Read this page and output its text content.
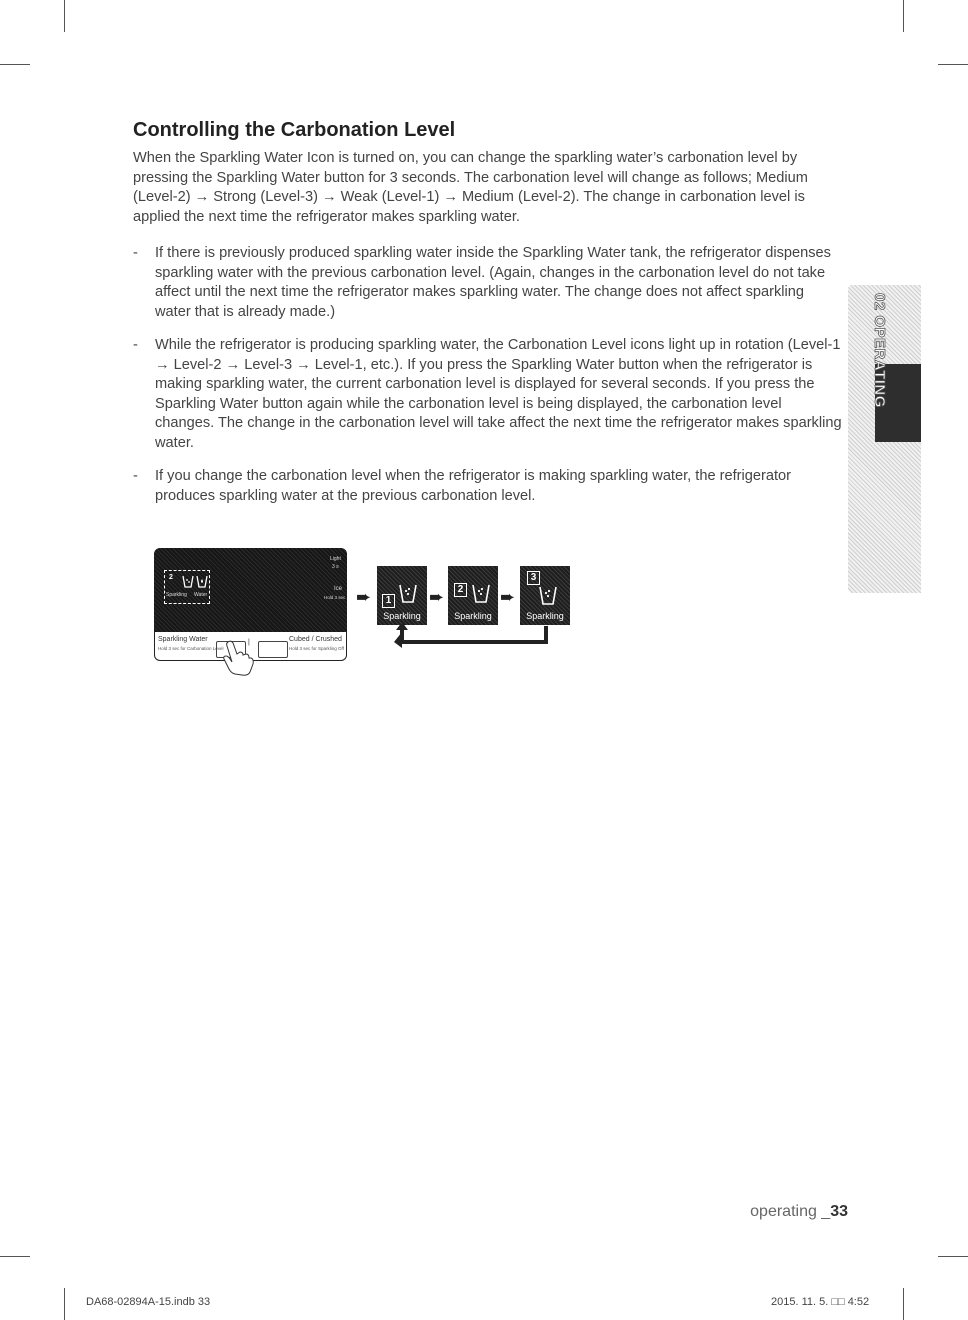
Controlling the Carbonation Level

When the Sparkling Water Icon is turned on, you can change the sparkling water’s carbonation level by pressing the Sparkling Water button for 3 seconds. The carbonation level will change as follows; Medium (Level-2) → Strong (Level-3) → Weak (Level-1) → Medium (Level-2). The change in carbonation level is applied the next time the refrigerator makes sparkling water.

- If there is previously produced sparkling water inside the Sparkling Water tank, the refrigerator dispenses sparkling water with the previous carbonation level. (Again, changes in the carbonation level do not take affect until the next time the refrigerator makes sparkling water. The change does not affect sparkling water that is already made.)
- While the refrigerator is producing sparkling water, the Carbonation Level icons light up in rotation (Level-1 → Level-2 → Level-3 → Level-1, etc.). If you press the Sparkling Water button when the refrigerator is making sparkling water, the current carbonation level is displayed for several seconds. If you press the Sparkling Water button again while the carbonation level is being displayed, the carbonation level changes. The change in the carbonation level will take affect the next time the refrigerator makes sparkling water.
- If you change the carbonation level when the refrigerator is making sparkling water, the refrigerator produces sparkling water at the previous carbonation level.
02 OPERATING
2
Sparkling Water
Light
3 s
Ice
Hold 3 sec
Sparkling Water
Hold 3 sec for Carbonation Level
|	Cubed / Crushed
Hold 3 sec for Sparkling Off
➨	1
Sparkling
➨	2
Sparkling
➨
3
Sparkling
operating _33
DA68-02894A-15.indb 33	2015. 11. 5. □□ 4:52
